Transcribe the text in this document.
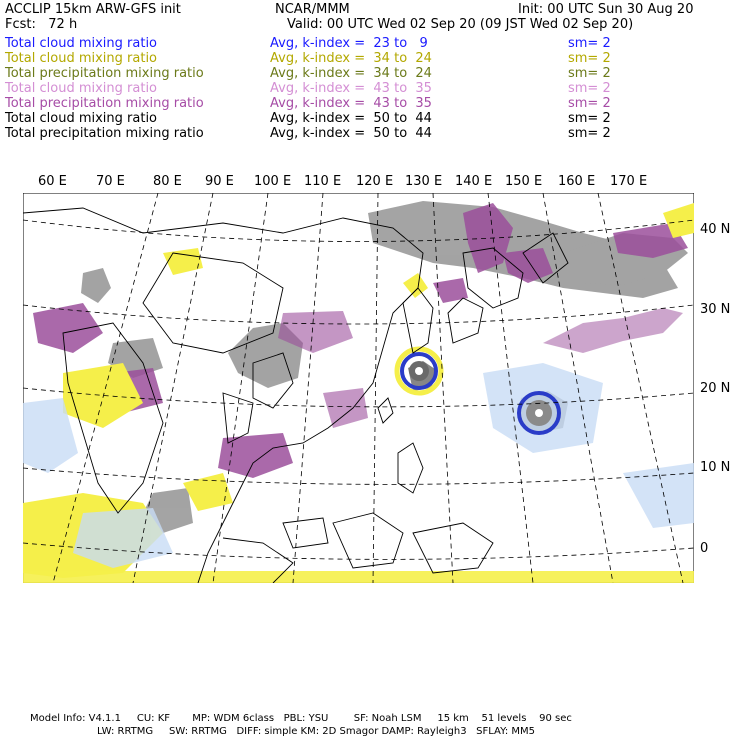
ACCLIP 15km ARW-GFS init	NCAR/MMM	Init: 00 UTC Sun 30 Aug 20
Fcst:   72 h	Valid: 00 UTC Wed 02 Sep 20 (09 JST Wed 02 Sep 20)
Total cloud mixing ratio	Avg, k-index =  23 to   9	sm= 2
Total cloud mixing ratio	Avg, k-index =  34 to  24	sm= 2
Total precipitation mixing ratio	Avg, k-index =  34 to  24	sm= 2
Total cloud mixing ratio	Avg, k-index =  43 to  35	sm= 2
Total precipitation mixing ratio	Avg, k-index =  43 to  35	sm= 2
Total cloud mixing ratio	Avg, k-index =  50 to  44	sm= 2
Total precipitation mixing ratio	Avg, k-index =  50 to  44	sm= 2
60 E 70 E 80 E 90 E 100 E 110 E 120 E 130 E 140 E 150 E 160 E 170 E
40 N
30 N
20 N
10 N
0
Model Info: V4.1.1     CU: KF       MP: WDM 6class   PBL: YSU        SF: Noah LSM     15 km    51 levels    90 sec
LW: RRTMG     SW: RRTMG   DIFF: simple KM: 2D Smagor DAMP: Rayleigh3   SFLAY: MM5
